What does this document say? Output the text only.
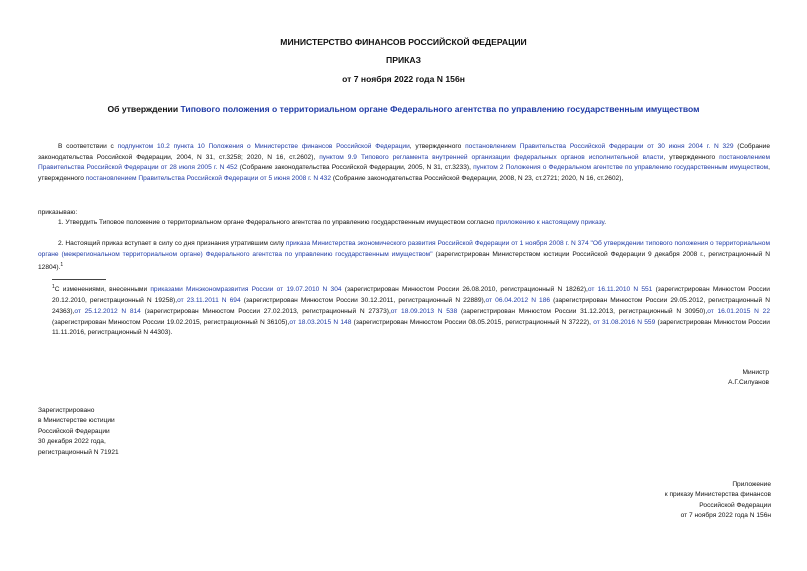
МИНИСТЕРСТВО ФИНАНСОВ РОССИЙСКОЙ ФЕДЕРАЦИИ
ПРИКАЗ
от 7 ноября 2022 года N 156н
Об утверждении Типового положения о территориальном органе Федерального агентства по управлению государственным имуществом
В соответствии с подпунктом 10.2 пункта 10 Положения о Министерстве финансов Российской Федерации, утвержденного постановлением Правительства Российской Федерации от 30 июня 2004 г. N 329 (Собрание законодательства Российской Федерации, 2004, N 31, ст.3258; 2020, N 16, ст.2602), пунктом 9.9 Типового регламента внутренней организации федеральных органов исполнительной власти, утвержденного постановлением Правительства Российской Федерации от 28 июля 2005 г. N 452 (Собрание законодательства Российской Федерации, 2005, N 31, ст.3233), пунктом 2 Положения о Федеральном агентстве по управлению государственным имуществом, утвержденного постановлением Правительства Российской Федерации от 5 июня 2008 г. N 432 (Собрание законодательства Российской Федерации, 2008, N 23, ст.2721; 2020, N 16, ст.2602),
приказываю:
1. Утвердить Типовое положение о территориальном органе Федерального агентства по управлению государственным имуществом согласно приложению к настоящему приказу.
2. Настоящий приказ вступает в силу со дня признания утратившим силу приказа Министерства экономического развития Российской Федерации от 1 ноября 2008 г. N 374 "Об утверждении типового положения о территориальном органе (межрегиональном территориальном органе) Федерального агентства по управлению государственным имуществом" (зарегистрирован Министерством юстиции Российской Федерации 9 декабря 2008 г., регистрационный N 12804).$^1$
$^1$С изменениями, внесенными приказами Минэкономразвития России от 19.07.2010 N 304 (зарегистрирован Минюстом России 26.08.2010, регистрационный N 18262),от 16.11.2010 N 551 (зарегистрирован Минюстом России 20.12.2010, регистрационный N 19258),от 23.11.2011 N 694 (зарегистрирован Минюстом России 30.12.2011, регистрационный N 22889),от 06.04.2012 N 186 (зарегистрирован Минюстом России 29.05.2012, регистрационный N 24363),от 25.12.2012 N 814 (зарегистрирован Минюстом России 27.02.2013, регистрационный N 27373),от 18.09.2013 N 538 (зарегистрирован Минюстом России 31.12.2013, регистрационный N 30950),от 16.01.2015 N 22 (зарегистрирован Минюстом России 19.02.2015, регистрационный N 36105),от 18.03.2015 N 148 (зарегистрирован Минюстом России 08.05.2015, регистрационный N 37222), от 31.08.2016 N 559 (зарегистрирован Минюстом России 11.11.2016, регистрационный N 44303).
Министр
А.Г.Силуанов
Зарегистрировано
в Министерстве юстиции
Российской Федерации
30 декабря 2022 года,
регистрационный N 71921
Приложение
к приказу Министерства финансов
Российской Федерации
от 7 ноября 2022 года N 156н
